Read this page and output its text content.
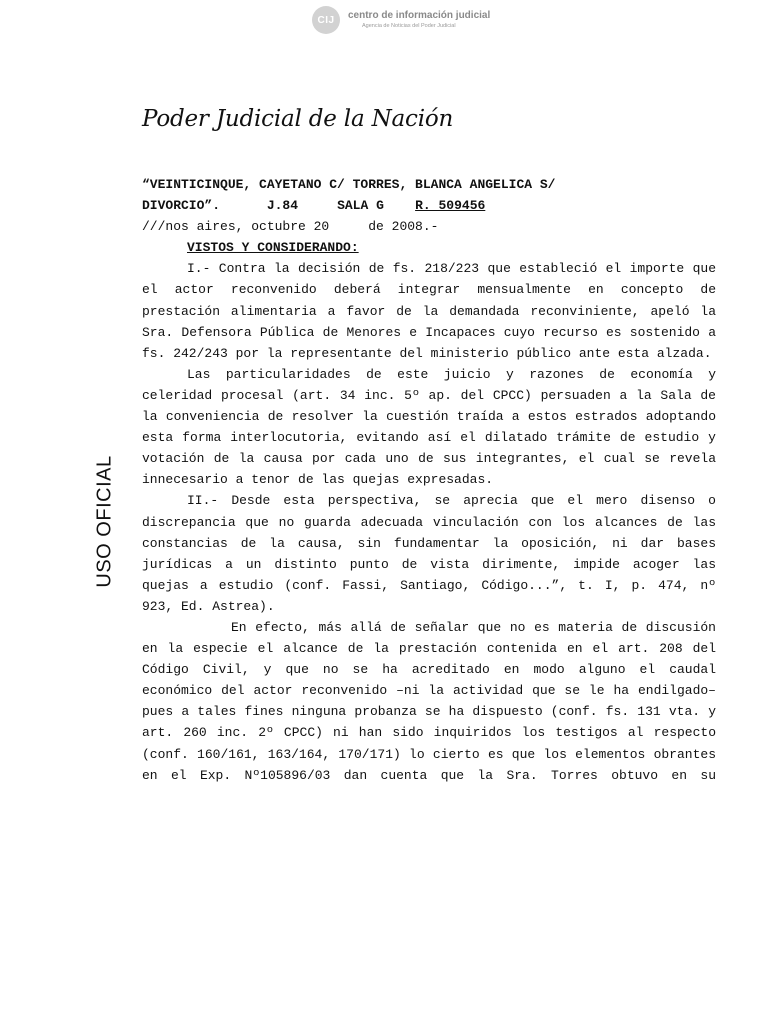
CIJ	centro de información judicial
Agencia de Noticias del Poder Judicial
Poder Judicial de la Nación
USO OFICIAL

“VEINTICINQUE, CAYETANO C/ TORRES, BLANCA ANGELICA S/

DIVORCIO”.	J.84	SALA G R. 509456

///nos aires, octubre 20     de 2008.-

VISTOS Y CONSIDERANDO:

I.- Contra la decisión de fs. 218/223 que estableció el importe que el actor reconvenido deberá integrar mensualmente en concepto de prestación alimentaria a favor de la demandada reconviniente, apeló la Sra. Defensora Pública de Menores e Incapaces cuyo recurso es sostenido a fs. 242/243 por la representante del ministerio público ante esta alzada.

Las particularidades de este juicio y razones de economía y celeridad procesal (art. 34 inc. 5º ap. del CPCC) persuaden a la Sala de la conveniencia de resolver la cuestión traída a estos estrados adoptando esta forma interlocutoria, evitando así el dilatado trámite de estudio y votación de la causa por cada uno de sus integrantes, el cual se revela innecesario a tenor de las quejas expresadas.

II.- Desde esta perspectiva, se aprecia que el mero disenso o discrepancia que no guarda adecuada vinculación con los alcances de las constancias de la causa, sin fundamentar la oposición, ni dar bases jurídicas a un distinto punto de vista dirimente, impide acoger las quejas a estudio (conf. Fassi, Santiago, Código...”, t. I, p. 474, nº 923, Ed. Astrea).

En efecto, más allá de señalar que no es materia de discusión en la especie el alcance de la prestación contenida en el art. 208 del Código Civil, y que no se ha acreditado en modo alguno el caudal económico del actor reconvenido –ni la actividad que se le ha endilgado– pues a tales fines ninguna probanza se ha dispuesto (conf. fs. 131 vta. y art. 260 inc. 2º CPCC) ni han sido inquiridos los testigos al respecto (conf. 160/161, 163/164, 170/171) lo cierto es que los elementos obrantes en el Exp. Nº105896/03 dan cuenta que la Sra. Torres obtuvo en su
